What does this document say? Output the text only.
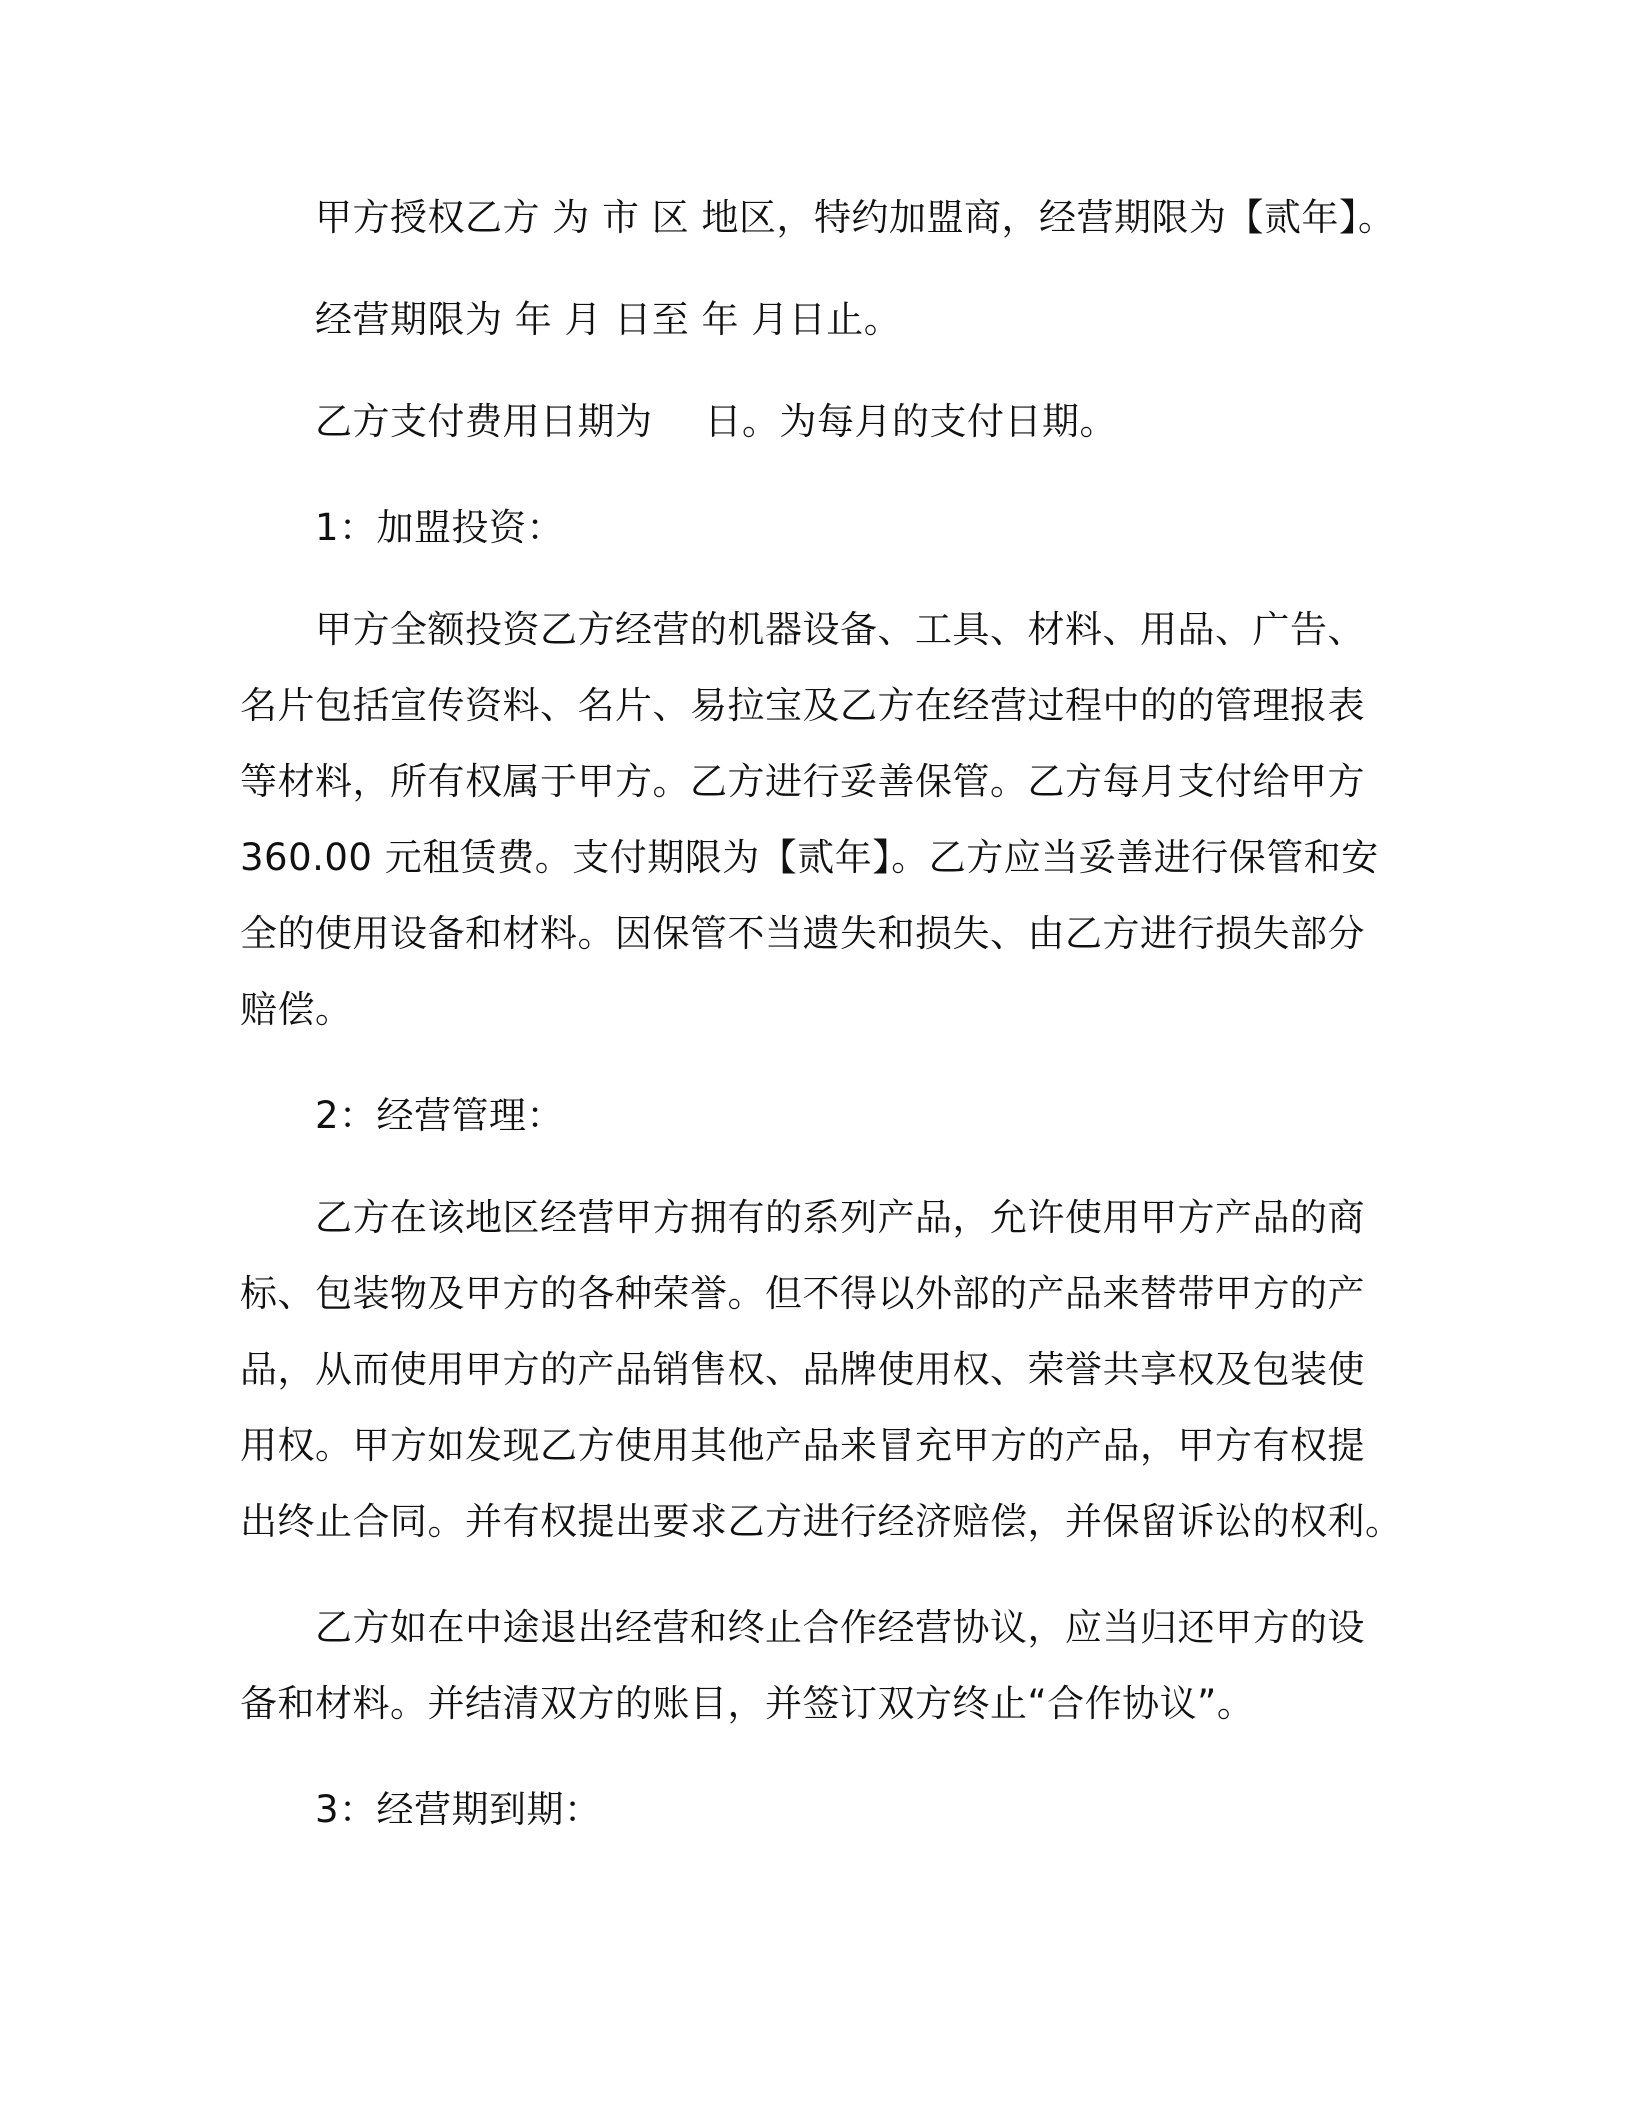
甲方授权乙方 为 市 区 地区，特约加盟商，经营期限为【贰年】。

经营期限为 年 月 日至 年 月日止。

乙方支付费用日期为 日。为每月的支付日期。

1：加盟投资：

甲方全额投资乙方经营的机器设备、工具、材料、用品、广告、

名片包括宣传资料、名片、易拉宝及乙方在经营过程中的的管理报表

等材料，所有权属于甲方。乙方进行妥善保管。乙方每月支付给甲方

360.00 元租赁费。支付期限为【贰年】。乙方应当妥善进行保管和安

全的使用设备和材料。因保管不当遗失和损失、由乙方进行损失部分

赔偿。

2：经营管理：

乙方在该地区经营甲方拥有的系列产品，允许使用甲方产品的商

标、包装物及甲方的各种荣誉。但不得以外部的产品来替带甲方的产

品，从而使用甲方的产品销售权、品牌使用权、荣誉共享权及包装使

用权。甲方如发现乙方使用其他产品来冒充甲方的产品，甲方有权提

出终止合同。并有权提出要求乙方进行经济赔偿，并保留诉讼的权利。

乙方如在中途退出经营和终止合作经营协议，应当归还甲方的设

备和材料。并结清双方的账目，并签订双方终止“合作协议”。

3：经营期到期：
